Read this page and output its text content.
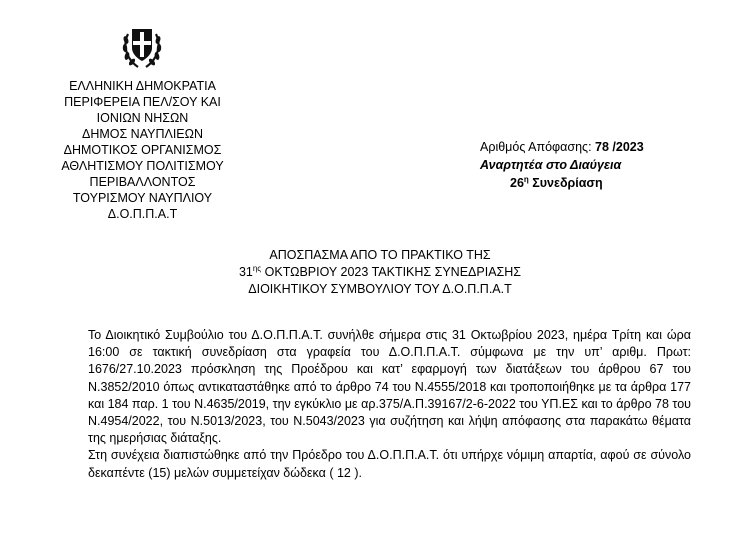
ΕΛΛΗΝΙΚΗ ΔΗΜΟΚΡΑΤΙΑ
ΠΕΡΙΦΕΡΕΙΑ ΠΕΛ/ΣΟΥ ΚΑΙ
ΙΟΝΙΩΝ ΝΗΣΩΝ
ΔΗΜΟΣ ΝΑΥΠΛΙΕΩΝ
ΔΗΜΟΤΙΚΟΣ ΟΡΓΑΝΙΣΜΟΣ
ΑΘΛΗΤΙΣΜΟΥ ΠΟΛΙΤΙΣΜΟΥ
ΠΕΡΙΒΑΛΛΟΝΤΟΣ
ΤΟΥΡΙΣΜΟΥ ΝΑΥΠΛΙΟΥ
Δ.Ο.Π.Π.Α.Τ
Αριθμός Απόφασης: 78 /2023
Αναρτητέα στο Διαύγεια
$26^\eta$ Συνεδρίαση
ΑΠΟΣΠΑΣΜΑ ΑΠΟ ΤΟ ΠΡΑΚΤΙΚΟ ΤΗΣ
$31^{\eta\varsigma}$ ΟΚΤΩΒΡΙΟΥ 2023 ΤΑΚΤΙΚΗΣ ΣΥΝΕΔΡΙΑΣΗΣ
ΔΙΟΙΚΗΤΙΚΟΥ ΣΥΜΒΟΥΛΙΟΥ ΤΟΥ Δ.Ο.Π.Π.Α.Τ

Το Διοικητικό Συμβούλιο του Δ.Ο.Π.Π.Α.Τ. συνήλθε σήμερα στις 31 Οκτωβρίου 2023, ημέρα Τρίτη και ώρα 16:00 σε τακτική συνεδρίαση στα γραφεία του Δ.Ο.Π.Π.Α.Τ. σύμφωνα με την υπ’ αριθμ. Πρωτ: 1676/27.10.2023 πρόσκληση της Προέδρου και κατ’ εφαρμογή των διατάξεων του άρθρου 67 του Ν.3852/2010 όπως αντικαταστάθηκε από το άρθρο 74 του Ν.4555/2018 και τροποποιήθηκε με τα άρθρα 177 και 184 παρ. 1 του Ν.4635/2019, την εγκύκλιο με αρ.375/Α.Π.39167/2-6-2022 του ΥΠ.ΕΣ και το άρθρο 78 του Ν.4954/2022, του Ν.5013/2023, του Ν.5043/2023 για συζήτηση και λήψη απόφασης στα παρακάτω θέματα της ημερήσιας διάταξης.

Στη συνέχεια διαπιστώθηκε από την Πρόεδρο του Δ.Ο.Π.Π.Α.Τ. ότι υπήρχε νόμιμη απαρτία, αφού σε σύνολο δεκαπέντε (15) μελών συμμετείχαν δώδεκα ( 12 ).
